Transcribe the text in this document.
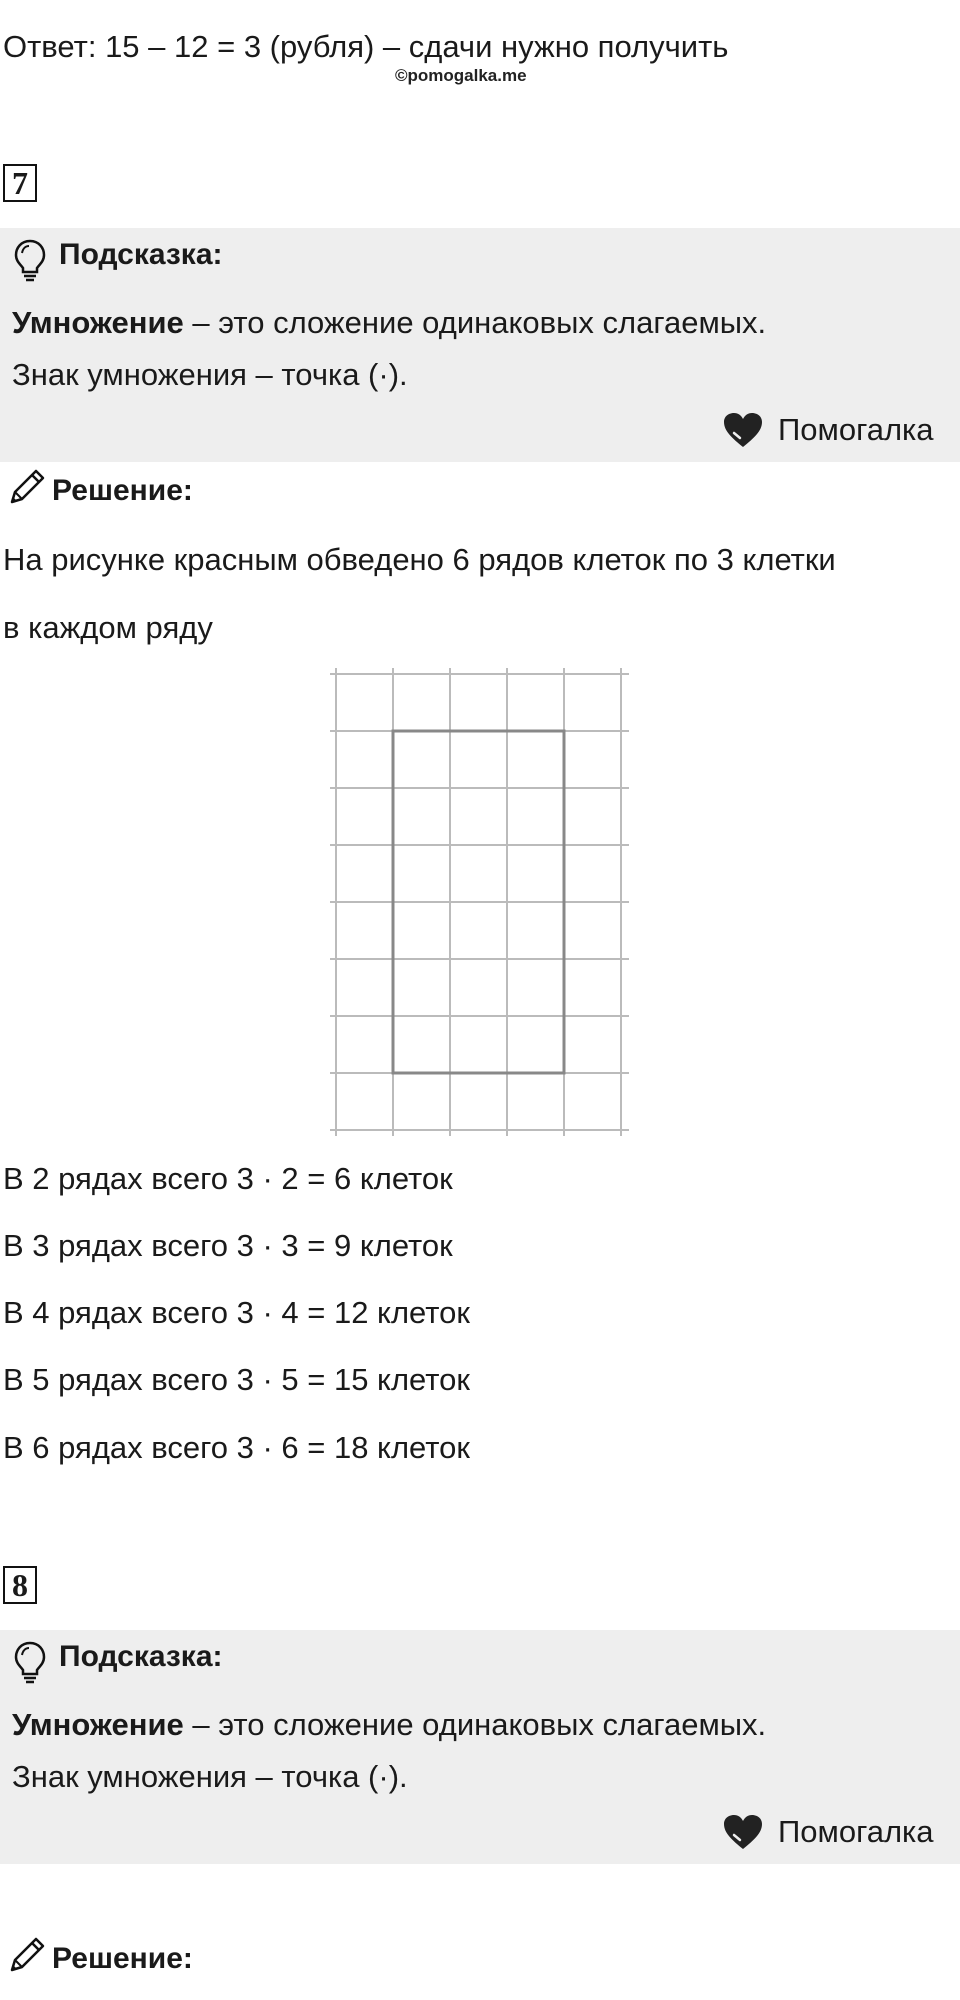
Ответ: 15 – 12 = 3 (рубля) – сдачи нужно получить
©pomogalka.me
7
Подсказка:
Умножение – это сложение одинаковых слагаемых.
Знак умножения – точка (·).
Помогалка
Решение:
На рисунке красным обведено 6 рядов клеток по 3 клетки
в каждом ряду
В 2 рядах всего 3 · 2 = 6 клеток
В 3 рядах всего 3 · 3 = 9 клеток
В 4 рядах всего 3 · 4 = 12 клеток
В 5 рядах всего 3 · 5 = 15 клеток
В 6 рядах всего 3 · 6 = 18 клеток
8
Подсказка:
Умножение – это сложение одинаковых слагаемых.
Знак умножения – точка (·).
Помогалка
Решение:
